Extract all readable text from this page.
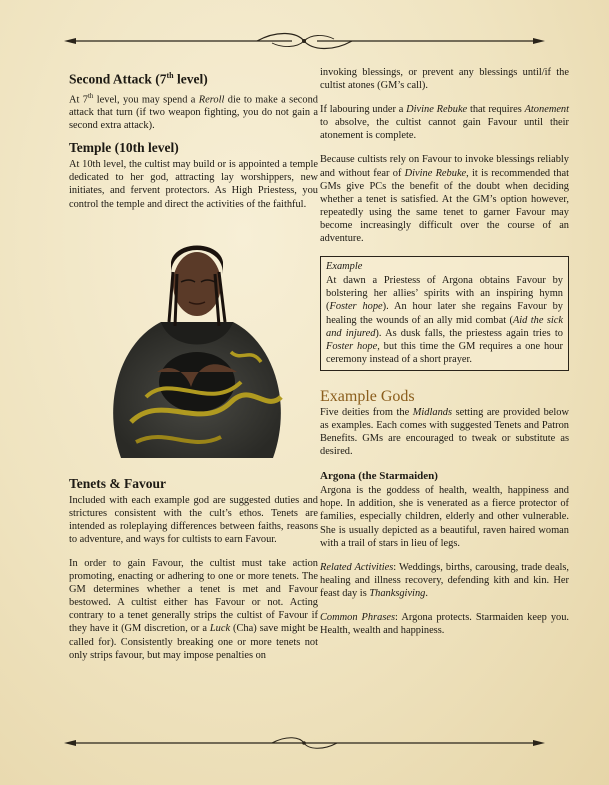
Second Attack (7th level)

At 7th level, you may spend a Reroll die to make a second attack that turn (if two weapon fighting, you do not gain a second extra attack).

Temple (10th level)

At 10th level, the cultist may build or is appointed a temple dedicated to her god, attracting lay worshippers, new initiates, and fervent protectors. As High Priestess, you control the temple and direct the activities of the faithful.

Tenets & Favour

Included with each example god are suggested duties and strictures consistent with the cult’s ethos. Tenets are intended as roleplaying differences between faiths, reasons to adventure, and ways for cultists to earn Favour.

In order to gain Favour, the cultist must take action promoting, enacting or adhering to one or more tenets. The GM determines whether a tenet is met and Favour bestowed. A cultist either has Favour or not. Acting contrary to a tenet generally strips the cultist of Favour if they have it (GM discretion, or a Luck (Cha) save might be called for). Consistently breaking one or more tenets not only strips favour, but may impose penalties on

invoking blessings, or prevent any blessings until/if the cultist atones (GM’s call).

If labouring under a Divine Rebuke that requires Atonement to absolve, the cultist cannot gain Favour until their atonement is complete.

Because cultists rely on Favour to invoke blessings reliably and without fear of Divine Rebuke, it is recommended that GMs give PCs the benefit of the doubt when deciding whether a tenet is satisfied. At the GM’s option however, repeatedly using the same tenet to garner Favour may become increasingly difficult over the course of an adventure.

Example

At dawn a Priestess of Argona obtains Favour by bolstering her allies’ spirits with an inspiring hymn (Foster hope). An hour later she regains Favour by healing the wounds of an ally mid combat (Aid the sick and injured). As dusk falls, the priestess again tries to Foster hope, but this time the GM requires a one hour ceremony instead of a short prayer.

Example Gods

Five deities from the Midlands setting are provided below as examples. Each comes with suggested Tenets and Patron Benefits. GMs are encouraged to tweak or substitute as desired.

Argona (the Starmaiden)

Argona is the goddess of health, wealth, happiness and hope. In addition, she is venerated as a fierce protector of families, especially children, elderly and other vulnerable. She is usually depicted as a beautiful, raven haired woman with a trail of stars in lieu of legs.

Related Activities: Weddings, births, carousing, trade deals, healing and illness recovery, defending kith and kin. Her feast day is Thanksgiving.

Common Phrases: Argona protects. Starmaiden keep you. Health, wealth and happiness.
